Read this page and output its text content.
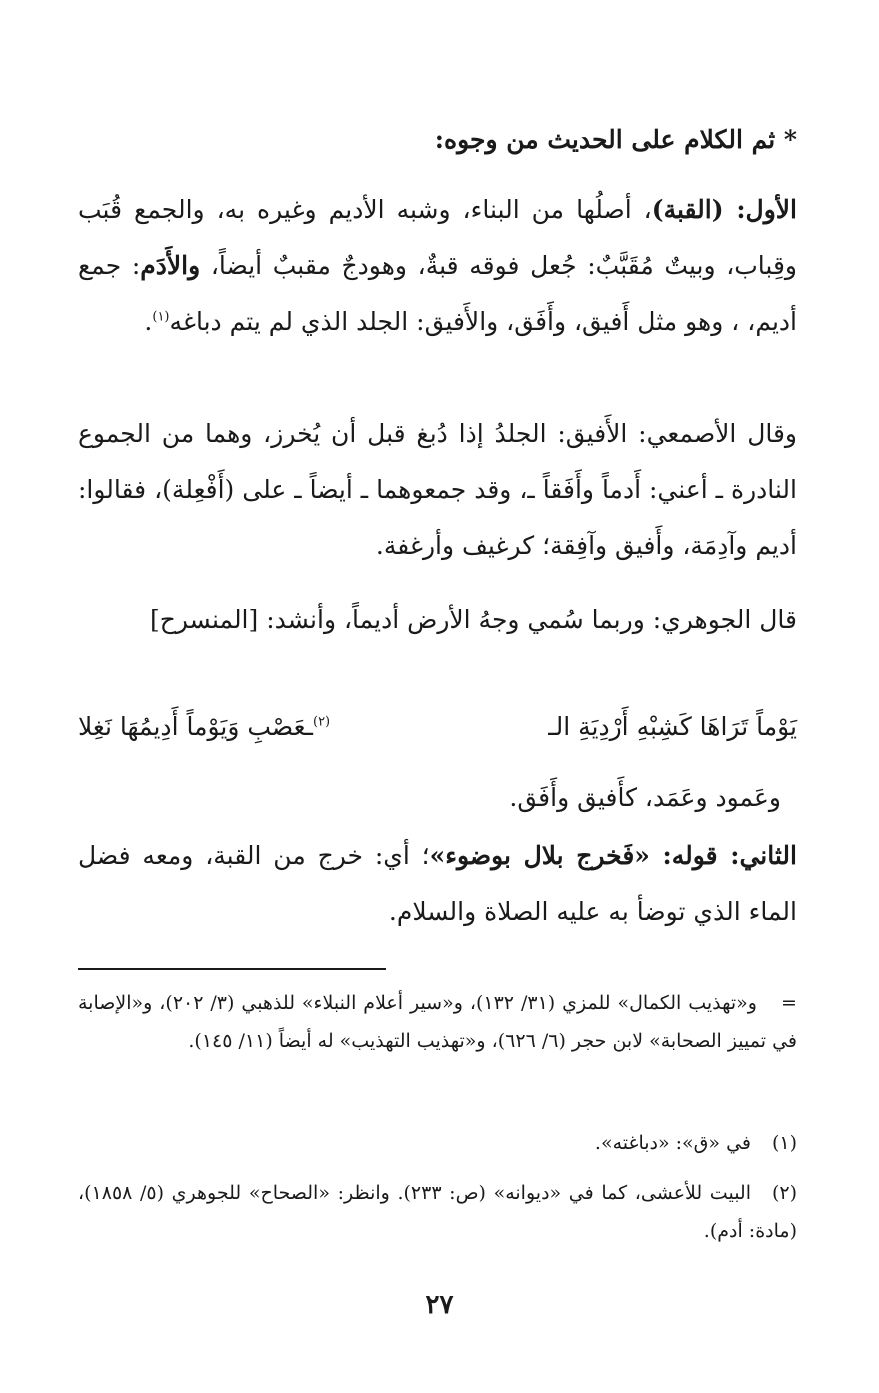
* ثم الكلام على الحديث من وجوه:
الأول: (القبة)، أصلُها من البناء، وشبه الأديم وغيره به، والجمع قُبَب وقِباب، وبيتٌ مُقَبَّبٌ: جُعل فوقه قبةٌ، وهودجٌ مقببٌ أيضاً، والأَدَم: جمع أديم، ، وهو مثل أَفيق، وأَفَق، والأَفيق: الجلد الذي لم يتم دباغه$^{(١)}$.
وقال الأصمعي: الأَفيق: الجلدُ إذا دُبغ قبل أن يُخرز، وهما من الجموع النادرة ـ أعني: أَدماً وأَفَقاً ـ، وقد جمعوهما ـ أيضاً ـ على (أَفْعِلة)، فقالوا: أديم وآدِمَة، وأَفيق وآفِقة؛ كرغيف وأرغفة.
قال الجوهري: وربما سُمي وجهُ الأرض أديماً، وأنشد: [المنسرح]
يَوْماً تَرَاهَا كَشِبْهِ أَرْدِيَةِ الـ
$^{(٢)}$ـعَصْبِ وَيَوْماً أَدِيمُهَا نَغِلا
وعَمود وعَمَد، كأَفيق وأَفَق.
الثاني: قوله: «فَخرج بلال بوضوء»؛ أي: خرج من القبة، ومعه فضل الماء الذي توضأ به عليه الصلاة والسلام.
=و«تهذيب الكمال» للمزي (٣١/ ١٣٢)، و«سير أعلام النبلاء» للذهبي (٣/ ٢٠٢)، و«الإصابة في تمييز الصحابة» لابن حجر (٦/ ٦٢٦)، و«تهذيب التهذيب» له أيضاً (١١/ ١٤٥).
(١)في «ق»: «دباغته».
(٢)البيت للأعشى، كما في «ديوانه» (ص: ٢٣٣). وانظر: «الصحاح» للجوهري (٥/ ١٨٥٨)، (مادة: أدم).
٢٧
